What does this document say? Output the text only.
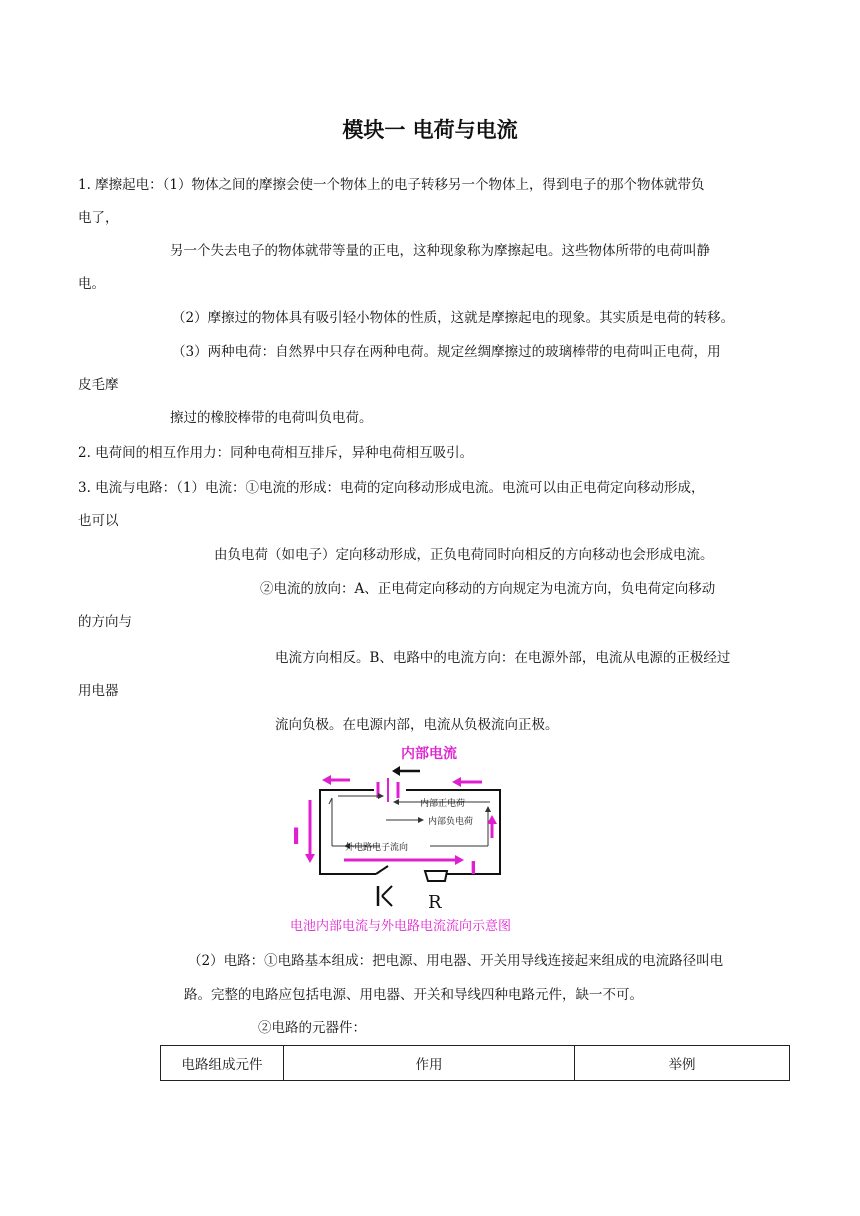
模块一 电荷与电流
1. 摩擦起电：（1）物体之间的摩擦会使一个物体上的电子转移另一个物体上，得到电子的那个物体就带负
电了，
另一个失去电子的物体就带等量的正电，这种现象称为摩擦起电。这些物体所带的电荷叫静
电。
（2）摩擦过的物体具有吸引轻小物体的性质，这就是摩擦起电的现象。其实质是电荷的转移。
（3）两种电荷：自然界中只存在两种电荷。规定丝绸摩擦过的玻璃棒带的电荷叫正电荷，用
皮毛摩
擦过的橡胶棒带的电荷叫负电荷。
2. 电荷间的相互作用力：同种电荷相互排斥，异种电荷相互吸引。
3. 电流与电路：（1）电流：①电流的形成：电荷的定向移动形成电流。电流可以由正电荷定向移动形成，
也可以
由负电荷（如电子）定向移动形成，正负电荷同时向相反的方向移动也会形成电流。
②电流的放向：A、正电荷定向移动的方向规定为电流方向，负电荷定向移动
的方向与
电流方向相反。B、电路中的电流方向：在电源外部，电流从电源的正极经过
用电器
流向负极。在电源内部，电流从负极流向正极。
内部电流
内部正电荷
内部负电荷
外电路电子流向
I
I
R
电池内部电流与外电路电流流向示意图
（2）电路：①电路基本组成：把电源、用电器、开关用导线连接起来组成的电流路径叫电
路。完整的电路应包括电源、用电器、开关和导线四种电路元件，缺一不可。
②电路的元器件：
电路组成元件	作用	举例
